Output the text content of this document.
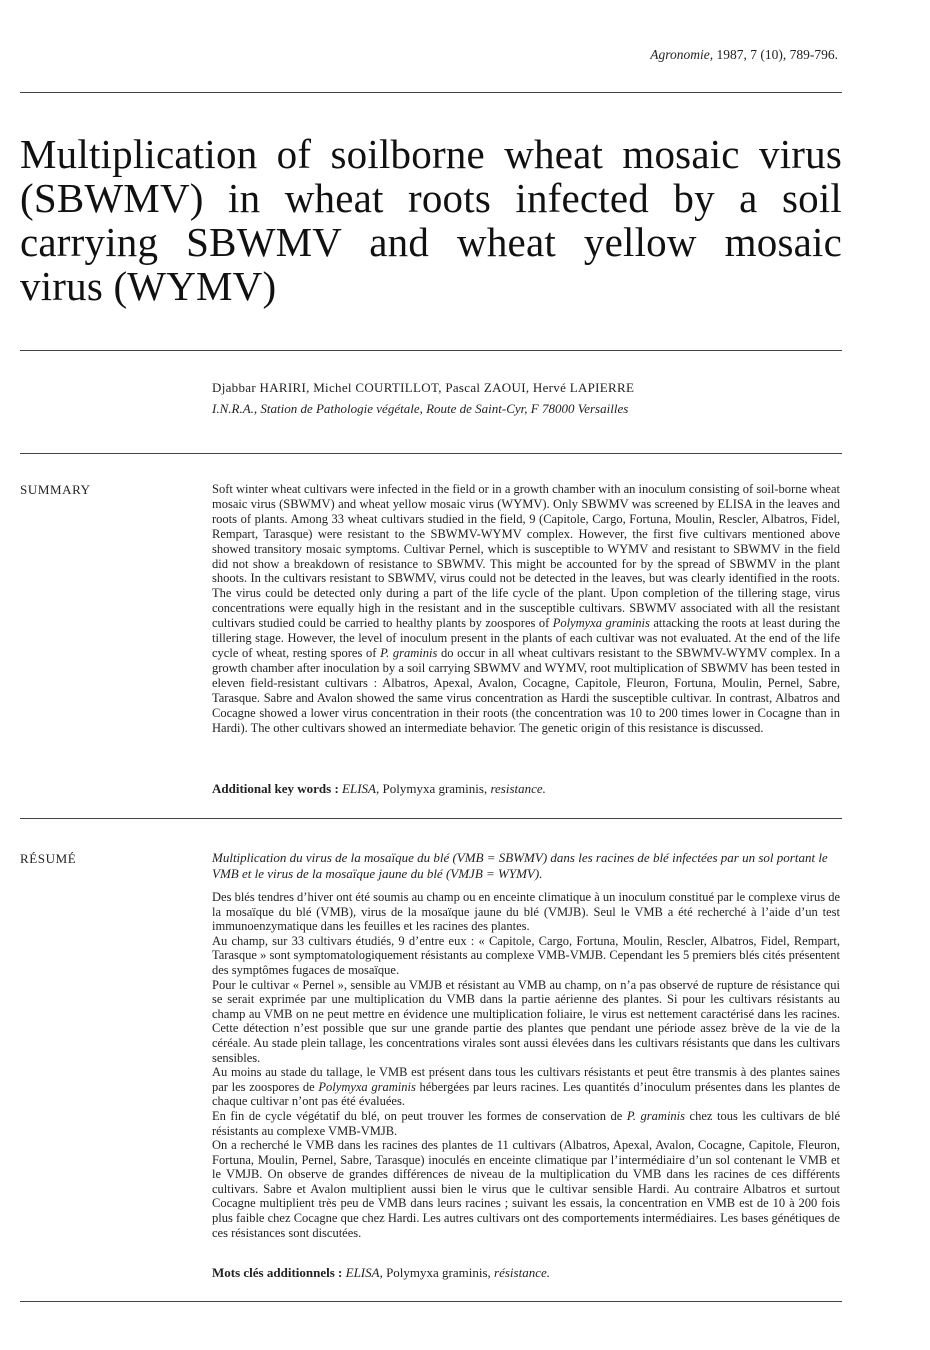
Agronomie, 1987, 7 (10), 789-796.
Multiplication of soilborne wheat mosaic virus (SBWMV) in wheat roots infected by a soil carrying SBWMV and wheat yellow mosaic virus (WYMV)
Djabbar HARIRI, Michel COURTILLOT, Pascal ZAOUI, Hervé LAPIERRE
I.N.R.A., Station de Pathologie végétale, Route de Saint-Cyr, F 78000 Versailles
SUMMARY	Soft winter wheat cultivars were infected in the field or in a growth chamber with an inoculum consisting of soil-borne wheat mosaic virus (SBWMV) and wheat yellow mosaic virus (WYMV). Only SBWMV was screened by ELISA in the leaves and roots of plants. Among 33 wheat cultivars studied in the field, 9 (Capitole, Cargo, Fortuna, Moulin, Rescler, Albatros, Fidel, Rempart, Tarasque) were resistant to the SBWMV-WYMV complex. However, the first five cultivars mentioned above showed transitory mosaic symptoms. Cultivar Pernel, which is susceptible to WYMV and resistant to SBWMV in the field did not show a breakdown of resistance to SBWMV. This might be accounted for by the spread of SBWMV in the plant shoots. In the cultivars resistant to SBWMV, virus could not be detected in the leaves, but was clearly identified in the roots. The virus could be detected only during a part of the life cycle of the plant. Upon completion of the tillering stage, virus concentrations were equally high in the resistant and in the susceptible cultivars. SBWMV associated with all the resistant cultivars studied could be carried to healthy plants by zoospores of Polymyxa graminis attacking the roots at least during the tillering stage. However, the level of inoculum present in the plants of each cultivar was not evaluated. At the end of the life cycle of wheat, resting spores of P. graminis do occur in all wheat cultivars resistant to the SBWMV-WYMV complex. In a growth chamber after inoculation by a soil carrying SBWMV and WYMV, root multiplication of SBWMV has been tested in eleven field-resistant cultivars : Albatros, Apexal, Avalon, Cocagne, Capitole, Fleuron, Fortuna, Moulin, Pernel, Sabre, Tarasque. Sabre and Avalon showed the same virus concentration as Hardi the susceptible cultivar. In contrast, Albatros and Cocagne showed a lower virus concentration in their roots (the concentration was 10 to 200 times lower in Cocagne than in Hardi). The other cultivars showed an intermediate behavior. The genetic origin of this resistance is discussed.

Additional key words : ELISA, Polymyxa graminis, resistance.
RÉSUMÉ	Multiplication du virus de la mosaïque du blé (VMB = SBWMV) dans les racines de blé infectées par un sol portant le VMB et le virus de la mosaïque jaune du blé (VMJB = WYMV).

Des blés tendres d’hiver ont été soumis au champ ou en enceinte climatique à un inoculum constitué par le complexe virus de la mosaïque du blé (VMB), virus de la mosaïque jaune du blé (VMJB). Seul le VMB a été recherché à l’aide d’un test immunoenzymatique dans les feuilles et les racines des plantes.

Au champ, sur 33 cultivars étudiés, 9 d’entre eux : « Capitole, Cargo, Fortuna, Moulin, Rescler, Albatros, Fidel, Rempart, Tarasque » sont symptomatologiquement résistants au complexe VMB-VMJB. Cependant les 5 premiers blés cités présentent des symptômes fugaces de mosaïque.

Pour le cultivar « Pernel », sensible au VMJB et résistant au VMB au champ, on n’a pas observé de rupture de résistance qui se serait exprimée par une multiplication du VMB dans la partie aérienne des plantes. Si pour les cultivars résistants au champ au VMB on ne peut mettre en évidence une multiplication foliaire, le virus est nettement caractérisé dans les racines. Cette détection n’est possible que sur une grande partie des plantes que pendant une période assez brève de la vie de la céréale. Au stade plein tallage, les concentrations virales sont aussi élevées dans les cultivars résistants que dans les cultivars sensibles.

Au moins au stade du tallage, le VMB est présent dans tous les cultivars résistants et peut être transmis à des plantes saines par les zoospores de Polymyxa graminis hébergées par leurs racines. Les quantités d’inoculum présentes dans les plantes de chaque cultivar n’ont pas été évaluées.

En fin de cycle végétatif du blé, on peut trouver les formes de conservation de P. graminis chez tous les cultivars de blé résistants au complexe VMB-VMJB.

On a recherché le VMB dans les racines des plantes de 11 cultivars (Albatros, Apexal, Avalon, Cocagne, Capitole, Fleuron, Fortuna, Moulin, Pernel, Sabre, Tarasque) inoculés en enceinte climatique par l’intermédiaire d’un sol contenant le VMB et le VMJB. On observe de grandes différences de niveau de la multiplication du VMB dans les racines de ces différents cultivars. Sabre et Avalon multiplient aussi bien le virus que le cultivar sensible Hardi. Au contraire Albatros et surtout Cocagne multiplient très peu de VMB dans leurs racines ; suivant les essais, la concentration en VMB est de 10 à 200 fois plus faible chez Cocagne que chez Hardi. Les autres cultivars ont des comportements intermédiaires. Les bases génétiques de ces résistances sont discutées.

Mots clés additionnels : ELISA, Polymyxa graminis, résistance.
